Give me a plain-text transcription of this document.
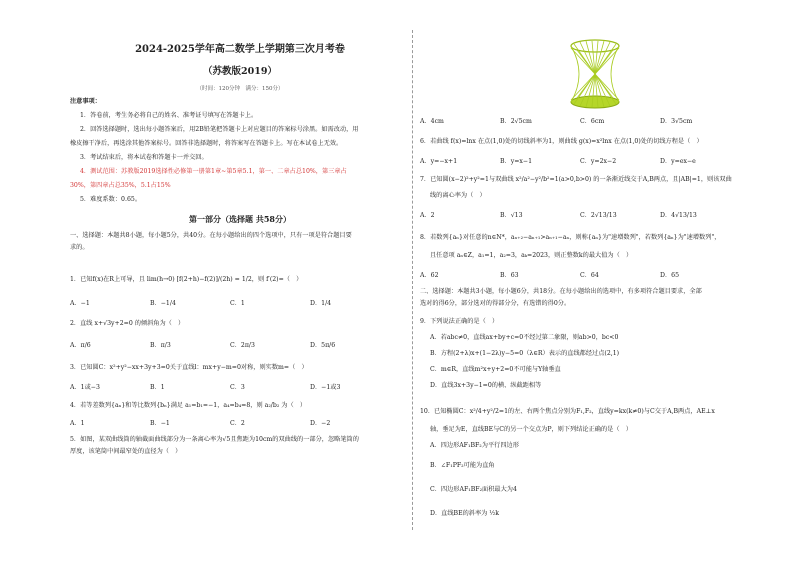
2024-2025学年高二数学上学期第三次月考卷
（苏教版2019）
（时间：120分钟　满分：150分）
注意事项：
1．答卷前，考生务必将自己的姓名、准考证号填写在答题卡上。
2．回答选择题时，选出每小题答案后，用2B铅笔把答题卡上对应题目的答案标号涂黑。如需改动，用
橡皮擦干净后，再选涂其他答案标号。回答非选择题时，将答案写在答题卡上。写在本试卷上无效。
3．考试结束后，将本试卷和答题卡一并交回。
4．测试范围：苏教版2019选择性必修第一册第1章~第5章5.1，第一、二章占总10%，第三章占
30%，第四章占总35%，5.1占15%
5．难度系数：0.65。
第一部分（选择题 共58分）
一、选择题：本题共8小题，每小题5分，共40分。在每小题给出的四个选项中，只有一项是符合题目要
求的。
1．已知f(x)在R上可导，且 lim(h→0) [f(2+h)−f(2)]/(2h) = 1/2，则 f′(2)=（　）
A．−1	B．−1/4	C．1	D．1/4
2．直线 x+√3y+2=0 的倾斜角为（　）
A．π/6	B．π/3	C．2π/3	D．5π/6
3．已知圆C：x²+y²−xx+3y+3=0关于直线l：mx+y−m=0对称，则实数m=（　）
A．1或−3	B．1	C．3	D．−1或3
4．若等差数列{aₙ}和等比数列{bₙ}满足 a₁=b₁=−1，a₄=b₄=8，则 a₂/b₂ 为（　）
A．1	B．−1	C．2	D．−2
5．如图，某双曲线筒的轴截面曲线部分为一条离心率为√5且焦距为10cm的双曲线的一部分，忽略笔筒的
厚度，该笔筒中间最窄处的直径为（　）
A．4cm	B．2√5cm	C．6cm	D．3√5cm
6．若曲线 f(x)=lnx 在点(1,0)处的切线斜率为1，则曲线 g(x)=x²lnx 在点(1,0)处的切线方程是（　）
A．y=−x+1	B．y=x−1	C．y=2x−2	D．y=ex−e
7．已知圆(x−2)²+y²=1与双曲线 x²/a²−y²/b²=1(a>0,b>0) 的一条渐近线交于A,B两点，且|AB|=1，则该双曲
线的离心率为（　）
A．2	B．√13	C．2√13/13	D．4√13/13
8．若数列{aₙ}对任意的n∈N*，aₙ₊₂−aₙ₊₁>aₙ₊₁−aₙ，则称{aₙ}为"速增数列"，若数列{aₙ}为"速增数列"，
且任意项 aₙ∈Z，a₁=1，a₂=3，aₖ=2023，则正整数k的最大值为（　）
A．62	B．63	C．64	D．65
二、选择题：本题共3小题，每小题6分，共18分。在每小题给出的选项中，有多项符合题目要求，全部
选对的得6分，部分选对的得部分分，有选错的得0分。
9．下列说法正确的是（　）
A．若abc≠0，直线ax+by+c=0不经过第二象限，则ab>0，bc<0
B．方程(2+λ)x+(1−2λ)y−5=0（λ∈R）表示的直线都经过点(2,1)
C．m∈R，直线m²x+y+2=0不可能与Y轴垂直
D．直线3x+3y−1=0的横、纵截距相等
10．已知椭圆C：x²/4+y²/2=1的左、右两个焦点分别为F₁,F₂，直线y=kx(k≠0)与C交于A,B两点，AE⊥x
轴，垂足为E，直线BE与C的另一个交点为P，则下列结论正确的是（　）
A．四边形AF₁BF₂为平行四边形
B．∠F₁PF₂可能为直角
C．四边形AF₁BF₂面积最大为4
D．直线BE的斜率为 ½k
